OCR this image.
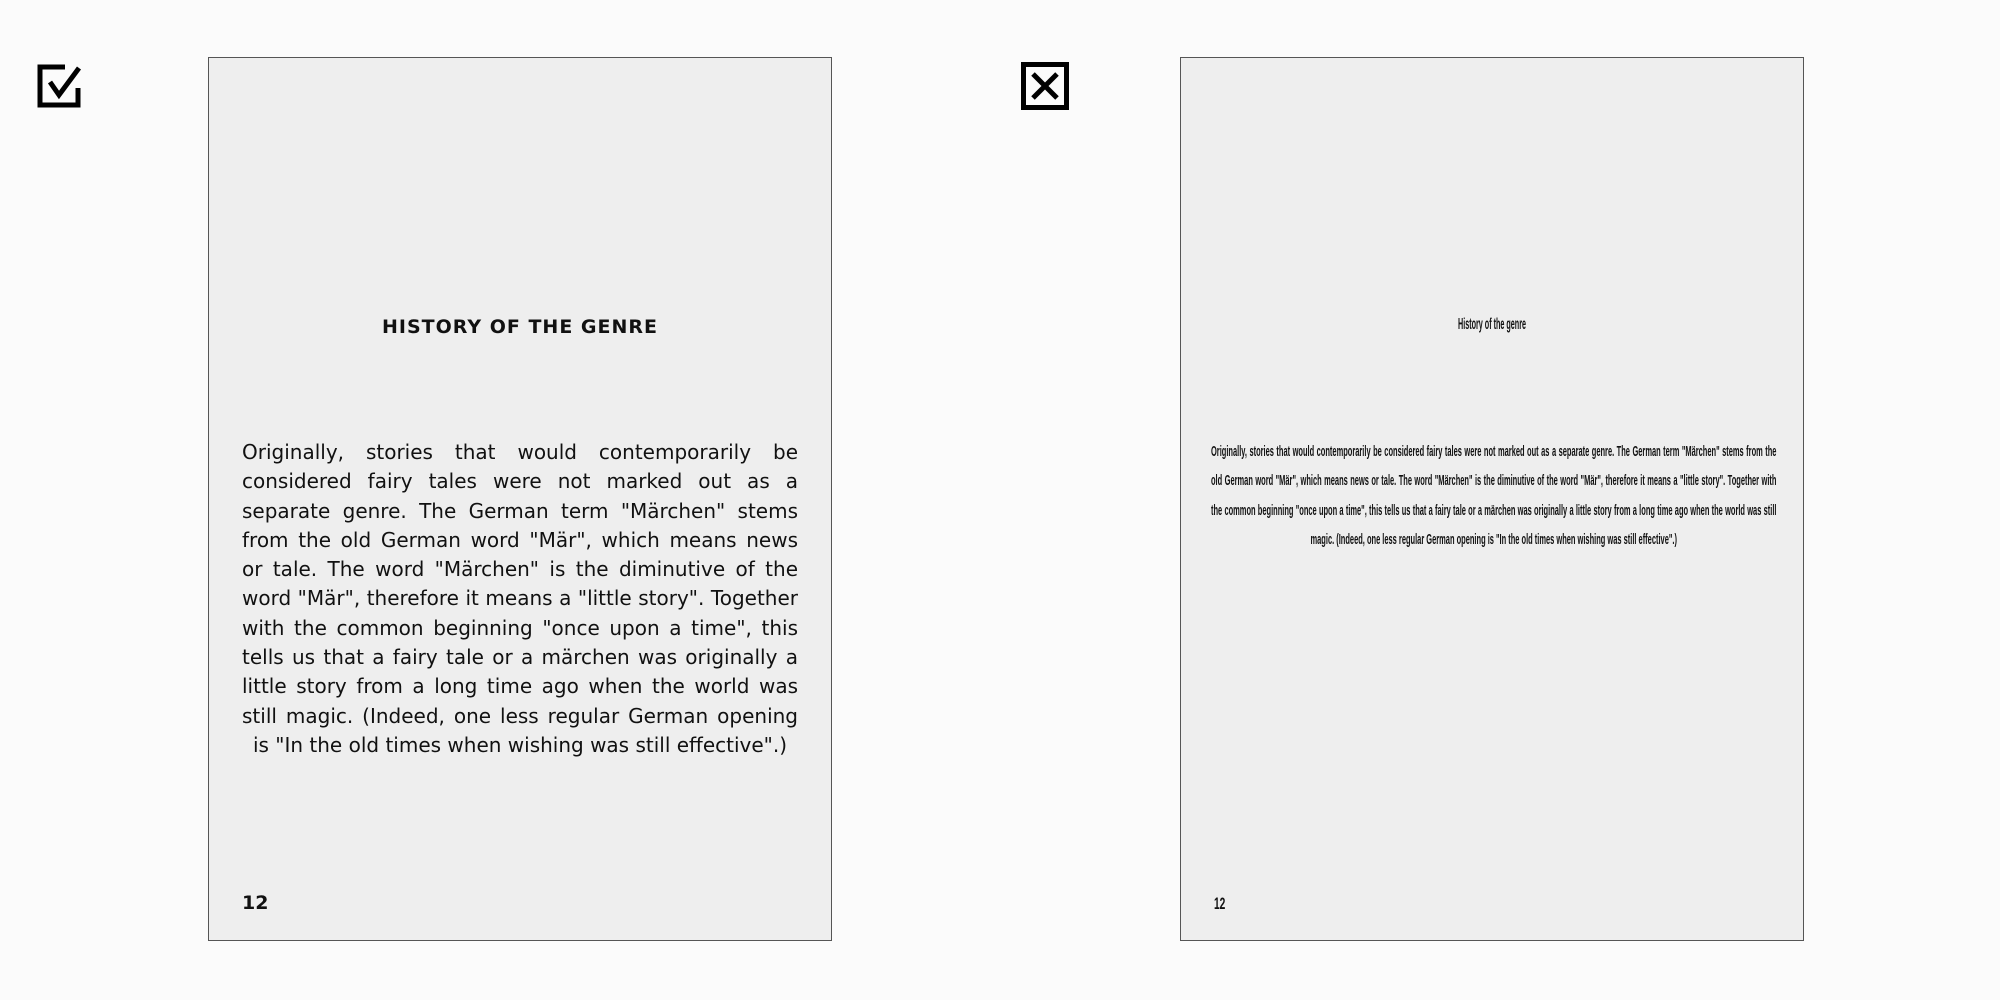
HISTORY OF THE GENRE
Originally, stories that would contemporarily be considered fairy tales were not marked out as a separate genre. The German term "Märchen" stems from the old German word "Mär", which means news or tale. The word "Märchen" is the diminutive of the word "Mär", therefore it means a "little story". Together with the common beginning "once upon a time", this tells us that a fairy tale or a märchen was originally a little story from a long time ago when the world was still magic. (Indeed, one less regular German opening is "In the old times when wishing was still effective".)
12
History of the genre
Originally, stories that would contemporarily be considered fairy tales were not marked out as a separate genre. The German term "Märchen" stems from the old German word "Mär", which means news or tale. The word "Märchen" is the diminutive of the word "Mär", therefore it means a "little story". Together with the common beginning "once upon a time", this tells us that a fairy tale or a märchen was originally a little story from a long time ago when the world was still magic. (Indeed, one less regular German opening is "In the old times when wishing was still effective".)
12
